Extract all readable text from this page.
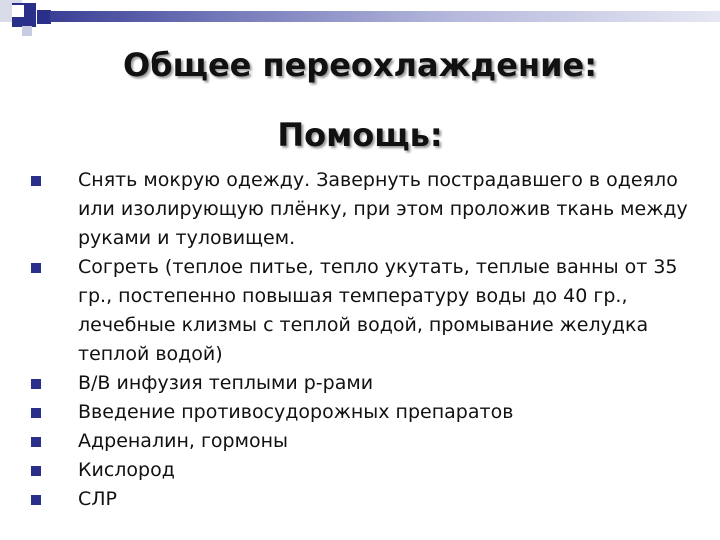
Общее переохлаждение:
Помощь:
Снять мокрую одежду. Завернуть пострадавшего в одеяло или изолирующую плёнку, при этом проложив ткань между руками и туловищем.
Согреть (теплое питье, тепло укутать, теплые ванны от 35 гр., постепенно повышая температуру воды до 40 гр., лечебные клизмы с теплой водой, промывание желудка теплой водой)
В/В инфузия теплыми р-рами
Введение противосудорожных препаратов
Адреналин, гормоны
Кислород
СЛР
